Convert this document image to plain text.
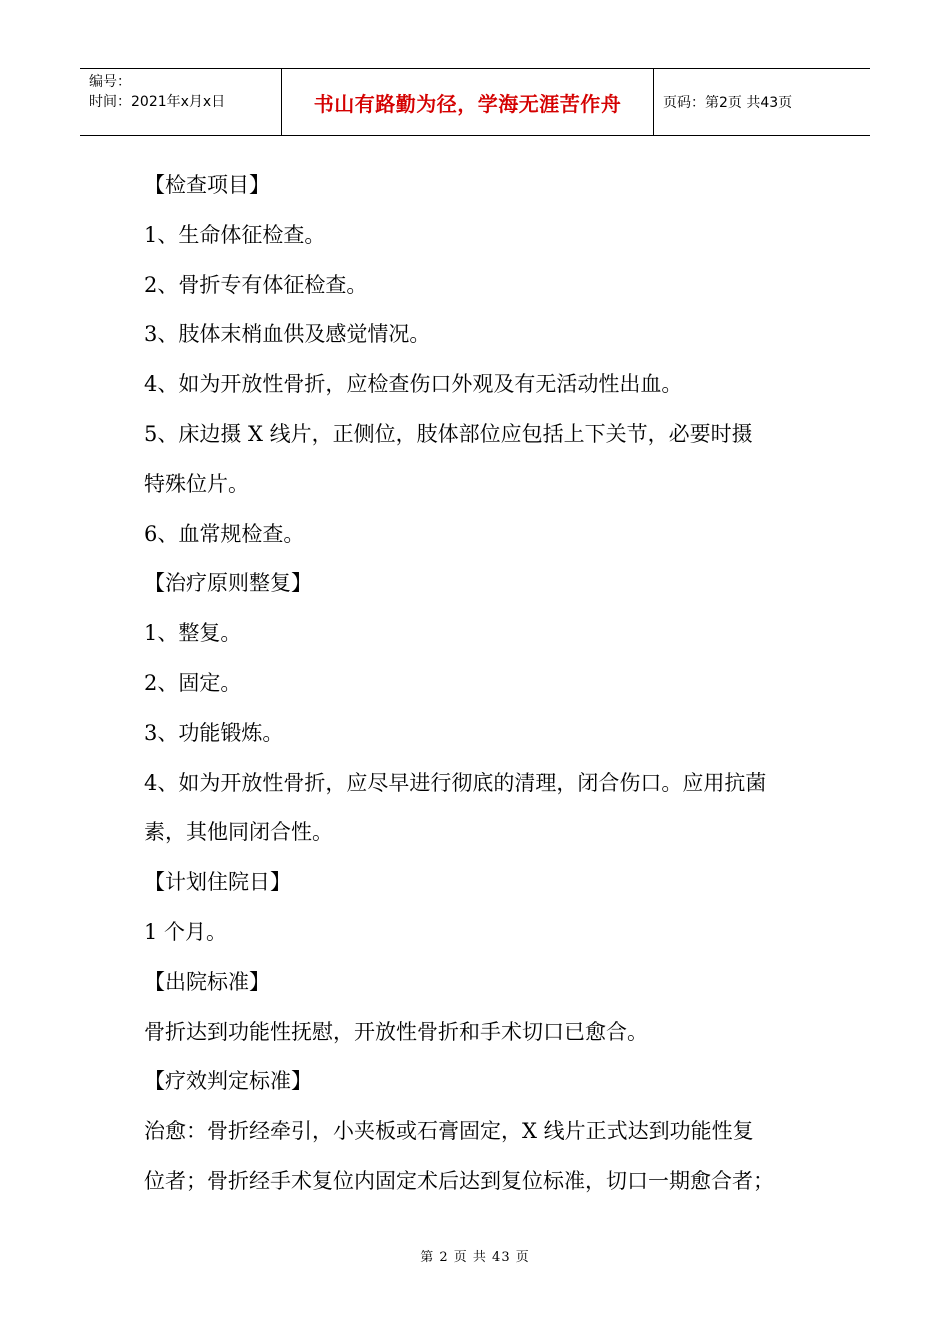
编号：
时间：2021年x月x日	书山有路勤为径，学海无涯苦作舟	页码：第2页 共43页

【检查项目】

1、生命体征检查。

2、骨折专有体征检查。

3、肢体末梢血供及感觉情况。

4、如为开放性骨折，应检查伤口外观及有无活动性出血。

5、床边摄 X 线片，正侧位，肢体部位应包括上下关节，必要时摄

特殊位片。

6、血常规检查。

【治疗原则整复】

1、整复。

2、固定。

3、功能锻炼。

4、如为开放性骨折，应尽早进行彻底的清理，闭合伤口。应用抗菌

素，其他同闭合性。

【计划住院日】

1 个月。

【出院标准】

骨折达到功能性抚慰，开放性骨折和手术切口已愈合。

【疗效判定标准】

治愈：骨折经牵引，小夹板或石膏固定，X 线片正式达到功能性复

位者；骨折经手术复位内固定术后达到复位标准，切口一期愈合者；

第 2 页 共 43 页
